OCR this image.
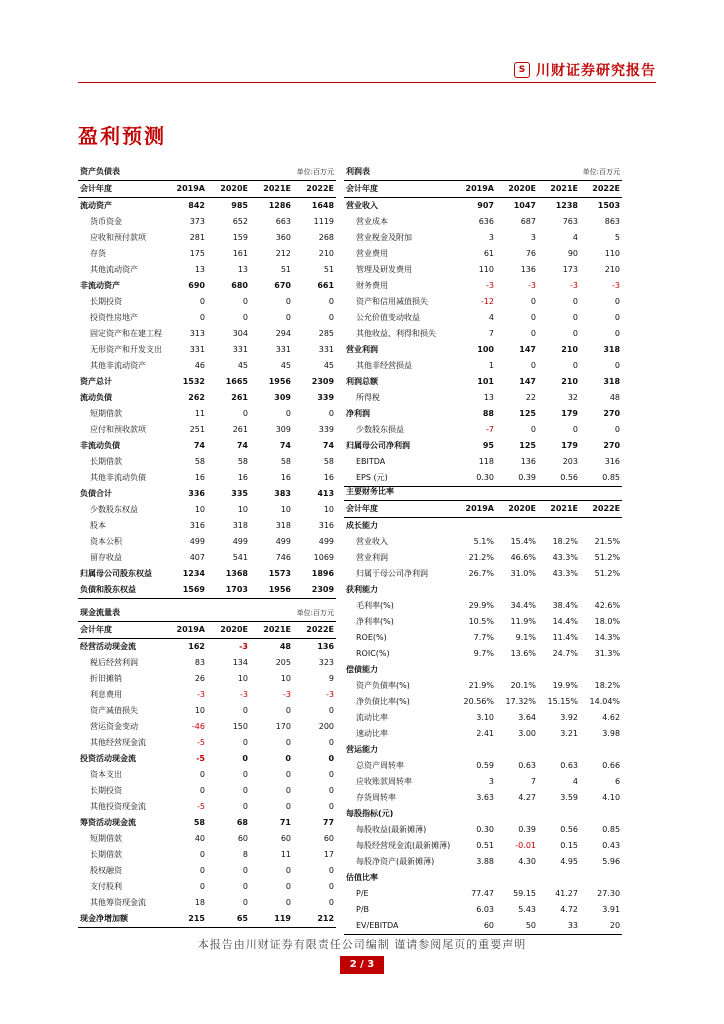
S 川财证券研究报告
盈利预测
资产负债表		单位:百万元		
会计年度	2019A	2020E	2021E	2022E
流动资产	842	985	1286	1648
货币资金	373	652	663	1119
应收和预付款项	281	159	360	268
存货	175	161	212	210
其他流动资产	13	13	51	51
非流动资产	690	680	670	661
长期投资	0	0	0	0
投资性房地产	0	0	0	0
固定资产和在建工程	313	304	294	285
无形资产和开发支出	331	331	331	331
其他非流动资产	46	45	45	45
资产总计	1532	1665	1956	2309
流动负债	262	261	309	339
短期借款	11	0	0	0
应付和预收款项	251	261	309	339
非流动负债	74	74	74	74
长期借款	58	58	58	58
其他非流动负债	16	16	16	16
负债合计	336	335	383	413
少数股东权益	10	10	10	10
股本	316	318	318	316
资本公积	499	499	499	499
留存收益	407	541	746	1069
归属母公司股东权益	1234	1368	1573	1896
负债和股东权益	1569	1703	1956	2309
利润表		单位:百万元		
会计年度	2019A	2020E	2021E	2022E
营业收入	907	1047	1238	1503
营业成本	636	687	763	863
营业税金及附加	3	3	4	5
营业费用	61	76	90	110
管理及研发费用	110	136	173	210
财务费用	-3	-3	-3	-3
资产和信用减值损失	-12	0	0	0
公允价值变动收益	4	0	0	0
其他收益、利得和损失	7	0	0	0
营业利润	100	147	210	318
其他非经营损益	1	0	0	0
利润总额	101	147	210	318
所得税	13	22	32	48
净利润	88	125	179	270
少数股东损益	-7	0	0	0
归属母公司净利润	95	125	179	270
EBITDA	118	136	203	316
EPS (元)	0.30	0.39	0.56	0.85
现金流量表		单位:百万元		
会计年度	2019A	2020E	2021E	2022E
经营活动现金流	162	-3	48	136
税后经营利润	83	134	205	323
折旧摊销	26	10	10	9
利息费用	-3	-3	-3	-3
资产减值损失	10	0	0	0
营运资金变动	-46	150	170	200
其他经营现金流	-5	0	0	0
投资活动现金流	-5	0	0	0
资本支出	0	0	0	0
长期投资	0	0	0	0
其他投资现金流	-5	0	0	0
筹资活动现金流	58	68	71	77
短期借款	40	60	60	60
长期借款	0	8	11	17
股权融资	0	0	0	0
支付股利	0	0	0	0
其他筹资现金流	18	0	0	0
现金净增加额	215	65	119	212
主要财务比率				
会计年度	2019A	2020E	2021E	2022E
成长能力				
营业收入	5.1%	15.4%	18.2%	21.5%
营业利润	21.2%	46.6%	43.3%	51.2%
归属于母公司净利润	26.7%	31.0%	43.3%	51.2%
获利能力				
毛利率(%)	29.9%	34.4%	38.4%	42.6%
净利率(%)	10.5%	11.9%	14.4%	18.0%
ROE(%)	7.7%	9.1%	11.4%	14.3%
ROIC(%)	9.7%	13.6%	24.7%	31.3%
偿债能力				
资产负债率(%)	21.9%	20.1%	19.9%	18.2%
净负债比率(%)	20.56%	17.32%	15.15%	14.04%
流动比率	3.10	3.64	3.92	4.62
速动比率	2.41	3.00	3.21	3.98
营运能力				
总资产周转率	0.59	0.63	0.63	0.66
应收账款周转率	3	7	4	6
存货周转率	3.63	4.27	3.59	4.10
每股指标(元)				
每股收益(最新摊薄)	0.30	0.39	0.56	0.85
每股经营现金流(最新摊薄)	0.51	-0.01	0.15	0.43
每股净资产(最新摊薄)	3.88	4.30	4.95	5.96
估值比率				
P/E	77.47	59.15	41.27	27.30
P/B	6.03	5.43	4.72	3.91
EV/EBITDA	60	50	33	20
本报告由川财证券有限责任公司编制 谨请参阅尾页的重要声明
2 / 3
